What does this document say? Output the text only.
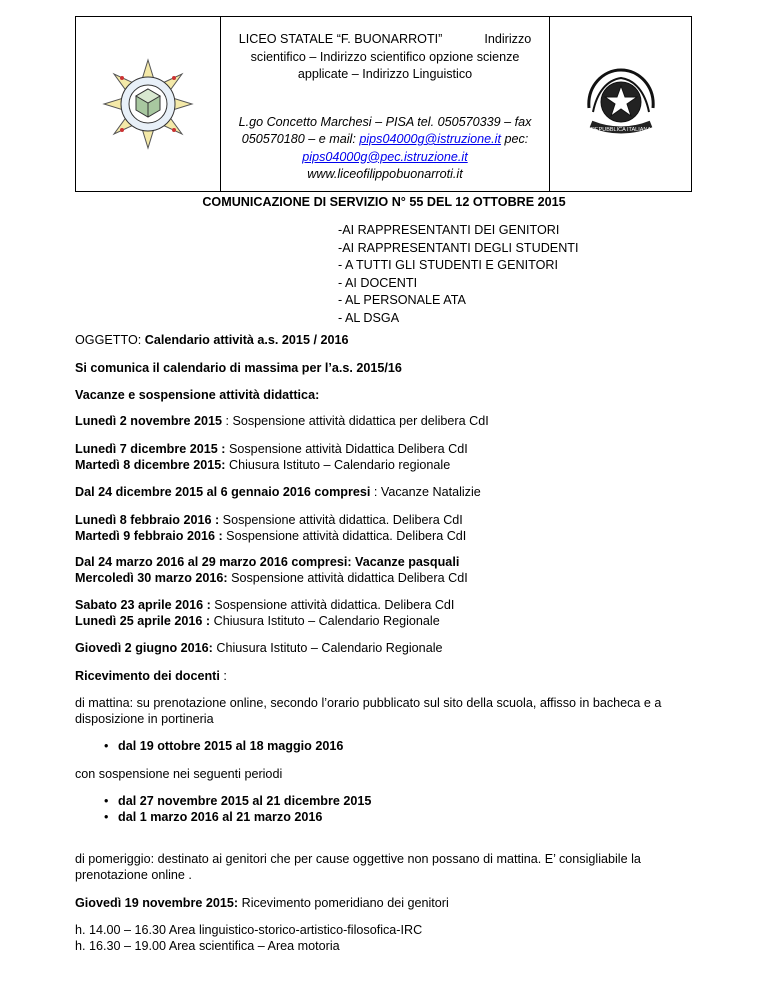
LICEO STATALE “F. BUONARROTI”	Indirizzo
scientifico – Indirizzo scientifico opzione scienze
applicate – Indirizzo Linguistico
L.go Concetto Marchesi – PISA tel. 050570339 – fax
050570180 – e mail: pips04000g@istruzione.it pec:
pips04000g@pec.istruzione.it
www.liceofilippobuonarroti.it
REPUBBLICA ITALIANA
COMUNICAZIONE DI SERVIZIO N° 55 DEL 12 OTTOBRE 2015
-AI RAPPRESENTANTI DEI GENITORI
-AI RAPPRESENTANTI DEGLI STUDENTI
- A TUTTI GLI STUDENTI E GENITORI
- AI DOCENTI
- AL PERSONALE ATA
- AL DSGA

OGGETTO: Calendario attività a.s. 2015 / 2016

Si comunica il calendario di massima per l’a.s. 2015/16

Vacanze e sospensione attività didattica:

Lunedì 2 novembre 2015 : Sospensione attività didattica per delibera CdI

Lunedì 7 dicembre 2015 : Sospensione attività Didattica Delibera CdI

Martedì 8 dicembre 2015: Chiusura Istituto – Calendario regionale

Dal 24 dicembre 2015 al 6 gennaio 2016 compresi : Vacanze Natalizie

Lunedì 8 febbraio 2016 : Sospensione attività didattica. Delibera CdI

Martedì 9 febbraio 2016 : Sospensione attività didattica. Delibera CdI

Dal 24 marzo 2016 al 29 marzo 2016 compresi: Vacanze pasquali

Mercoledì 30 marzo 2016: Sospensione attività didattica Delibera CdI

Sabato 23 aprile 2016 : Sospensione attività didattica. Delibera CdI

Lunedì 25 aprile 2016 : Chiusura Istituto – Calendario Regionale

Giovedì 2 giugno 2016: Chiusura Istituto – Calendario Regionale

Ricevimento dei docenti :

di mattina: su prenotazione online, secondo l’orario pubblicato sul sito della scuola, affisso in bacheca e a

disposizione in portineria

• dal 19 ottobre 2015 al 18 maggio 2016

con sospensione nei seguenti periodi

• dal 27 novembre 2015 al 21 dicembre 2015
• dal 1 marzo 2016 al 21 marzo 2016

di pomeriggio: destinato ai genitori che per cause oggettive non possano di mattina. E’ consigliabile la

prenotazione online .

Giovedì 19 novembre 2015: Ricevimento pomeridiano dei genitori

h. 14.00 – 16.30 Area linguistico-storico-artistico-filosofica-IRC

h. 16.30 – 19.00 Area scientifica – Area motoria
